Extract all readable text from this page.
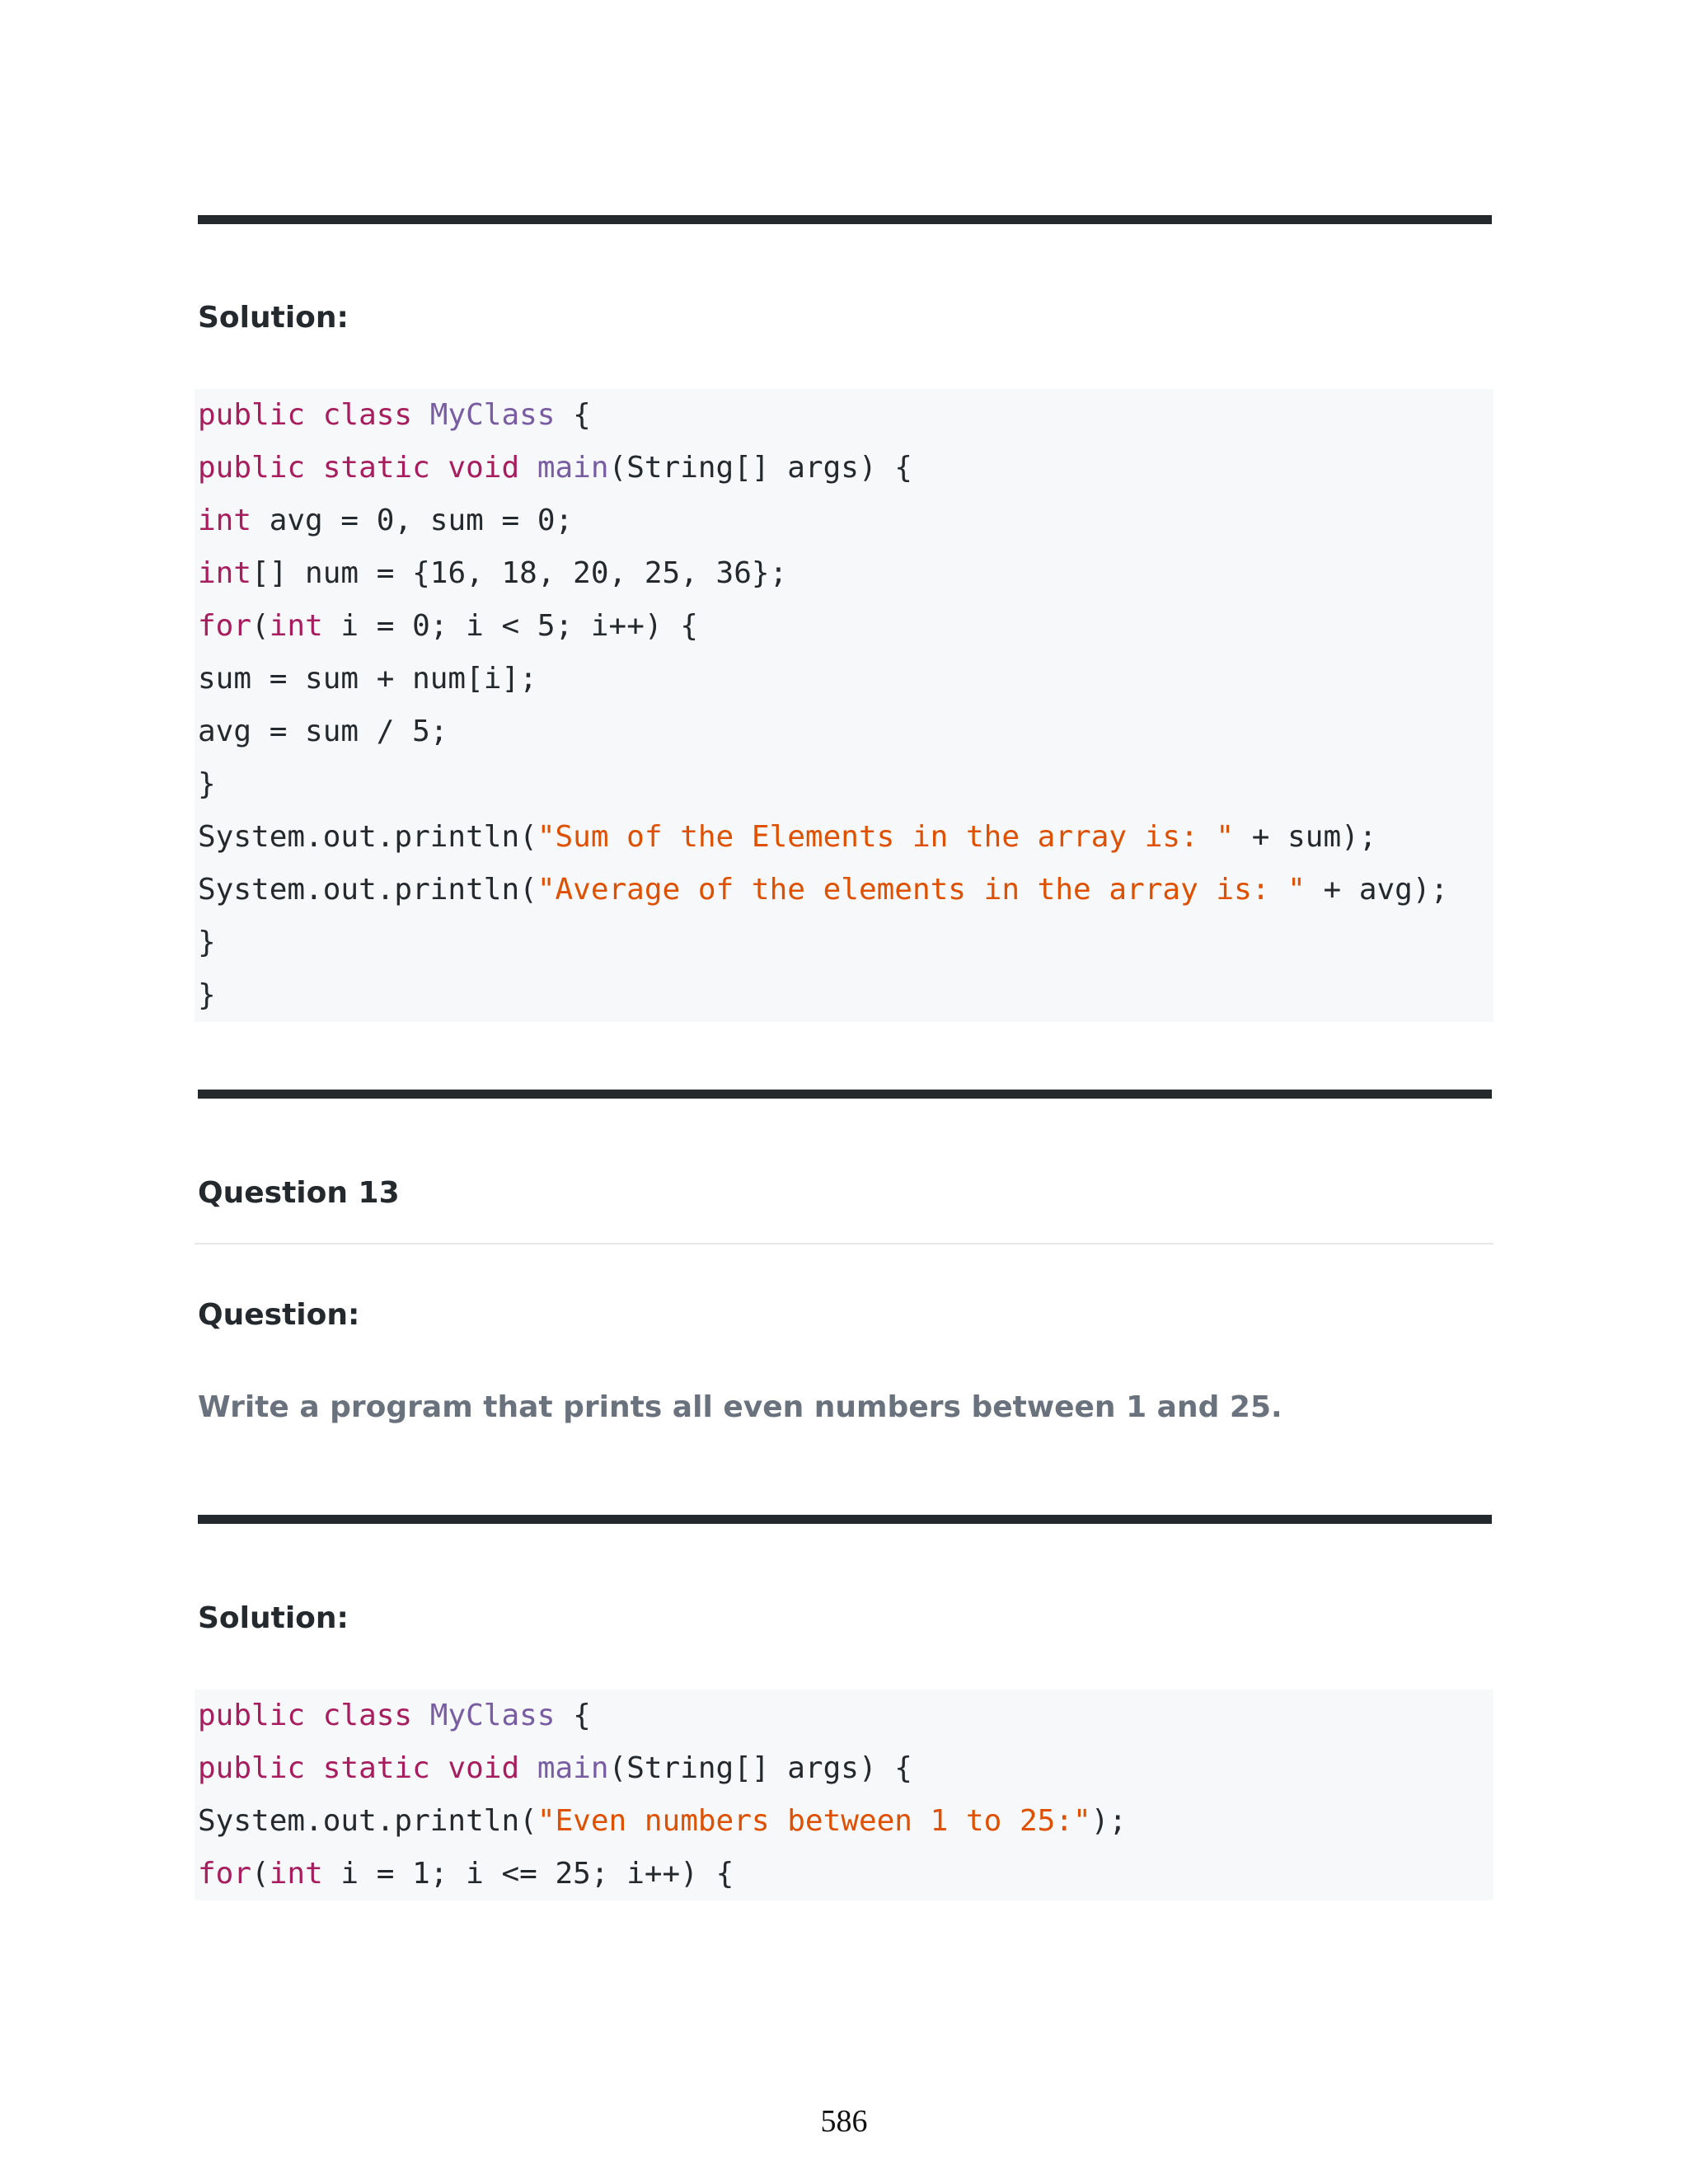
Solution:
public class MyClass {
public static void main(String[] args) {
int avg = 0, sum = 0;
int[] num = {16, 18, 20, 25, 36};
for(int i = 0; i < 5; i++) {
sum = sum + num[i];
avg = sum / 5;
}
System.out.println("Sum of the Elements in the array is: " + sum);
System.out.println("Average of the elements in the array is: " + avg);
}
}
Question 13
Question:
Write a program that prints all even numbers between 1 and 25.
Solution:
public class MyClass {
public static void main(String[] args) {
System.out.println("Even numbers between 1 to 25:");
for(int i = 1; i <= 25; i++) {
586
